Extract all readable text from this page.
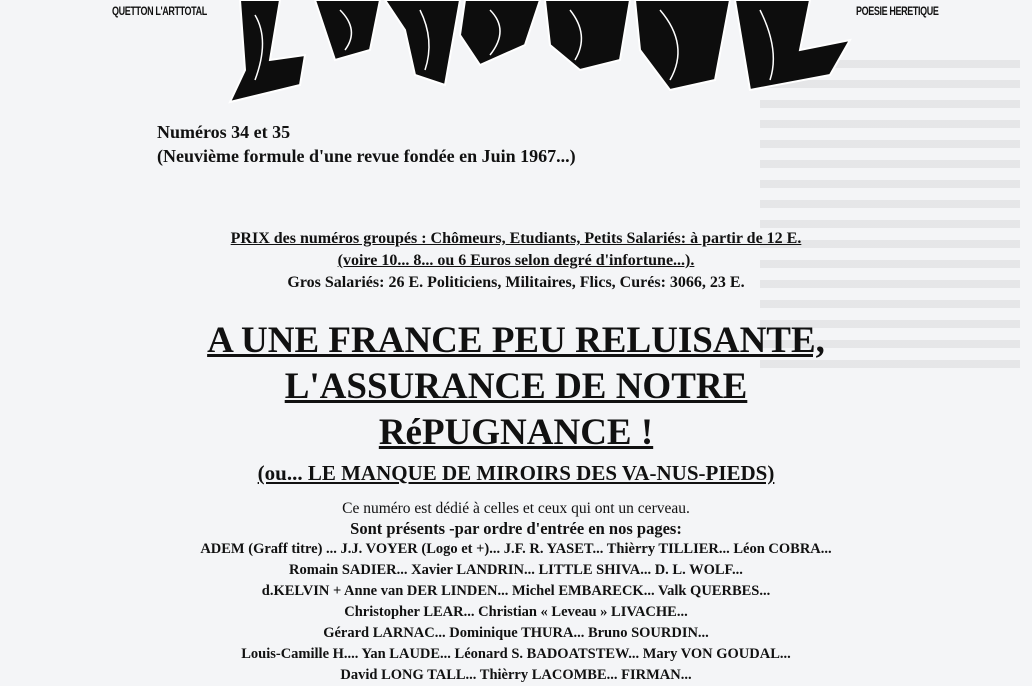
QUETTON L'ARTTOTAL	POESIE HERETIQUE
Numéros 34 et 35
(Neuvième formule d'une revue fondée en Juin 1967...)
PRIX des numéros groupés : Chômeurs, Etudiants, Petits Salariés: à partir de 12 E.
(voire 10... 8... ou 6 Euros selon degré d'infortune...).
Gros Salariés: 26 E. Politiciens, Militaires, Flics, Curés: 3066, 23 E.
A UNE FRANCE PEU RELUISANTE,
L'ASSURANCE DE NOTRE
RéPUGNANCE !
(ou... LE MANQUE DE MIROIRS DES VA-NUS-PIEDS)
Ce numéro est dédié à celles et ceux qui ont un cerveau.
Sont présents -par ordre d'entrée en nos pages:
ADEM (Graff titre) ... J.J. VOYER (Logo et +)... J.F. R. YASET... Thièrry TILLIER... Léon COBRA...
Romain SADIER... Xavier LANDRIN... LITTLE SHIVA... D. L. WOLF...
d.KELVIN + Anne van DER LINDEN... Michel EMBARECK... Valk QUERBES...
Christopher LEAR... Christian « Leveau » LIVACHE...
Gérard LARNAC... Dominique THURA... Bruno SOURDIN...
Louis-Camille H.... Yan LAUDE... Léonard S. BADOATSTEW... Mary VON GOUDAL...
David LONG TALL... Thièrry LACOMBE... FIRMAN...
